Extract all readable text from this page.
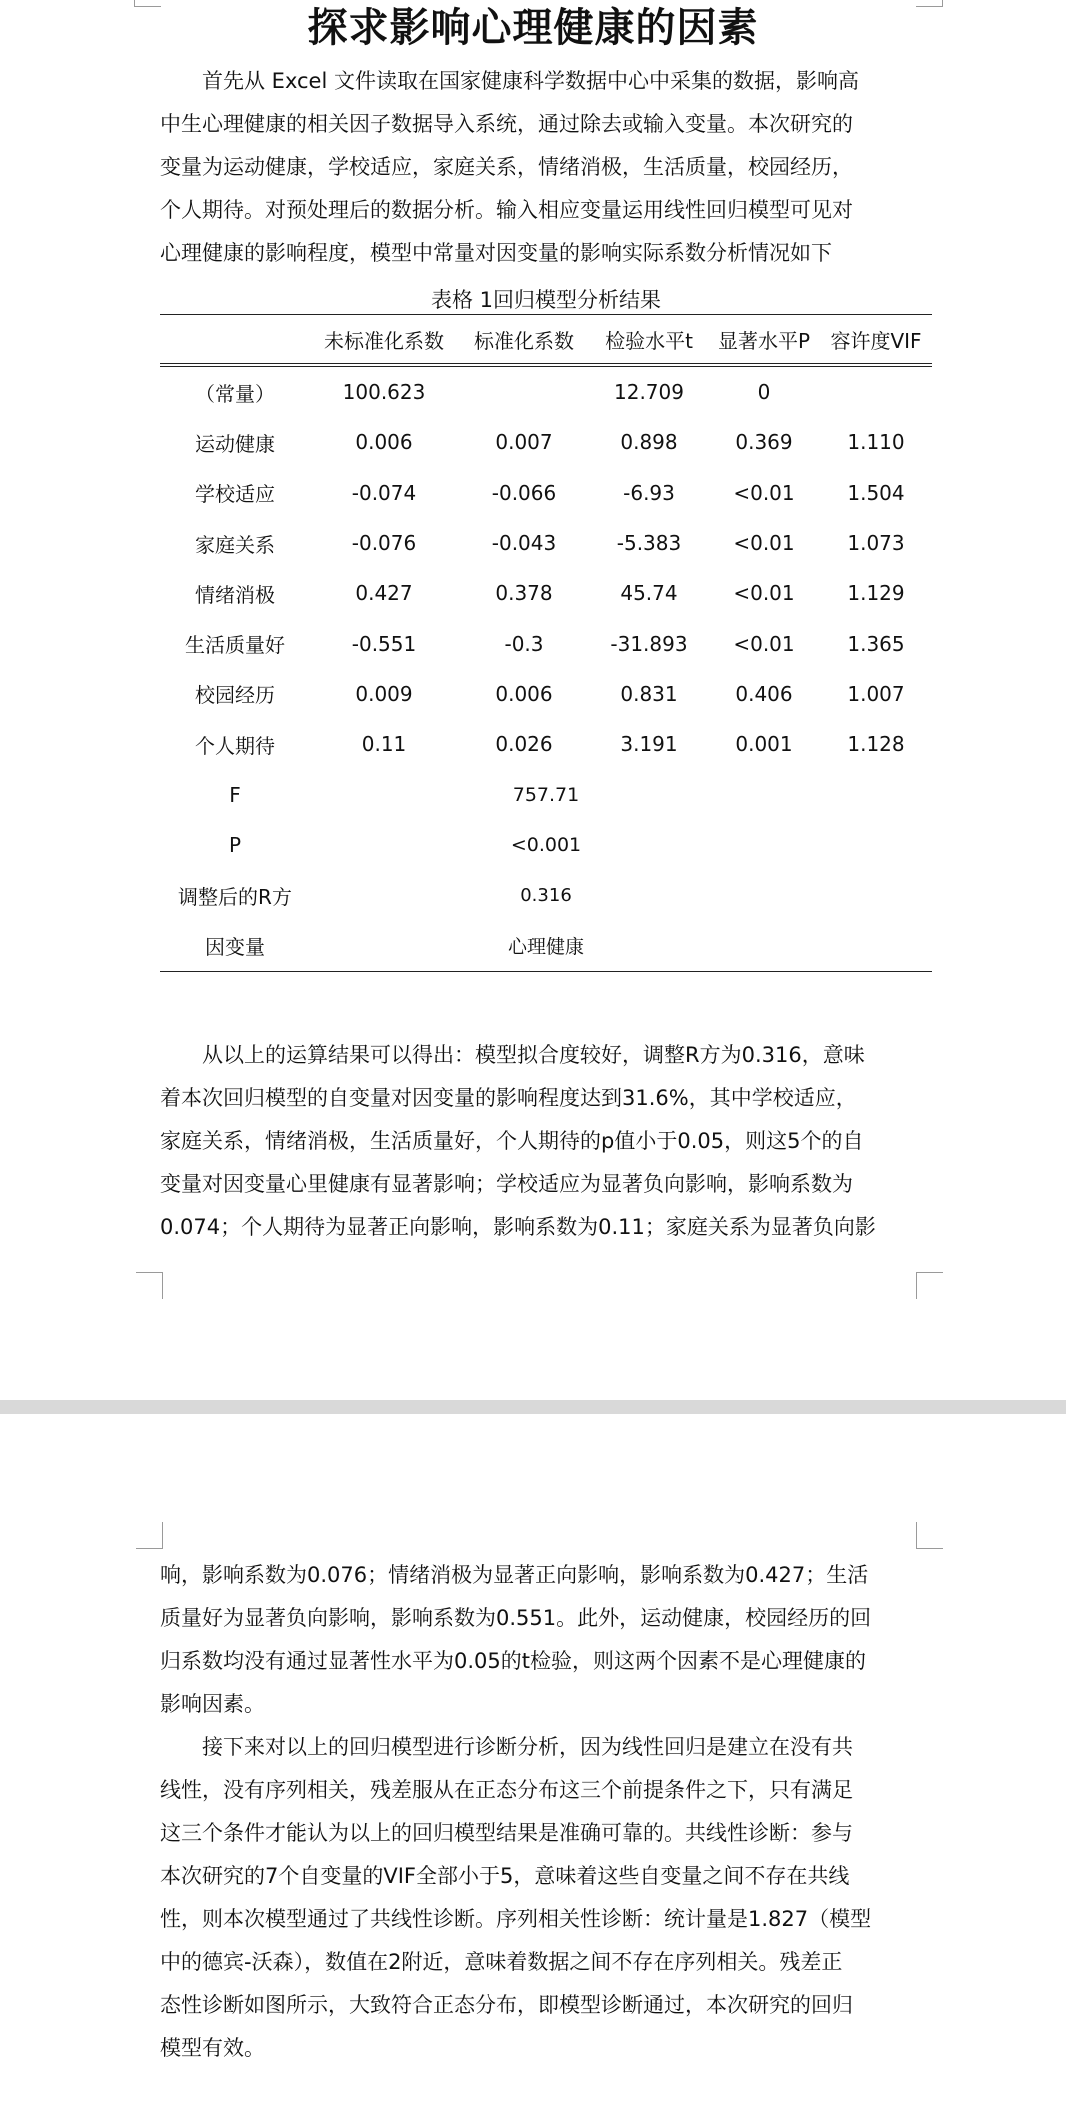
探求影响心理健康的因素

首先从 Excel 文件读取在国家健康科学数据中心中采集的数据，影响高

中生心理健康的相关因子数据导入系统，通过除去或输入变量。本次研究的

变量为运动健康，学校适应，家庭关系，情绪消极，生活质量，校园经历，

个人期待。对预处理后的数据分析。输入相应变量运用线性回归模型可见对

心理健康的影响程度，模型中常量对因变量的影响实际系数分析情况如下

表格 1回归模型分析结果
	未标准化系数	标准化系数	检验水平t	显著水平P	容许度VIF
（常量）	100.623		12.709	0	
运动健康	0.006	0.007	0.898	0.369	1.110
学校适应	-0.074	-0.066	-6.93	<0.01	1.504
家庭关系	-0.076	-0.043	-5.383	<0.01	1.073
情绪消极	0.427	0.378	45.74	<0.01	1.129
生活质量好	-0.551	-0.3	-31.893	<0.01	1.365
校园经历	0.009	0.006	0.831	0.406	1.007
个人期待	0.11	0.026	3.191	0.001	1.128
F	757.71				
P	<0.001				
调整后的R方	0.316				
因变量	心理健康				

从以上的运算结果可以得出：模型拟合度较好，调整R方为0.316，意味

着本次回归模型的自变量对因变量的影响程度达到31.6%，其中学校适应，

家庭关系，情绪消极，生活质量好，个人期待的p值小于0.05，则这5个的自

变量对因变量心里健康有显著影响；学校适应为显著负向影响，影响系数为

0.074；个人期待为显著正向影响，影响系数为0.11；家庭关系为显著负向影

响，影响系数为0.076；情绪消极为显著正向影响，影响系数为0.427；生活

质量好为显著负向影响，影响系数为0.551。此外，运动健康，校园经历的回

归系数均没有通过显著性水平为0.05的t检验，则这两个因素不是心理健康的

影响因素。

接下来对以上的回归模型进行诊断分析，因为线性回归是建立在没有共

线性，没有序列相关，残差服从在正态分布这三个前提条件之下，只有满足

这三个条件才能认为以上的回归模型结果是准确可靠的。共线性诊断：参与

本次研究的7个自变量的VIF全部小于5，意味着这些自变量之间不存在共线

性，则本次模型通过了共线性诊断。序列相关性诊断：统计量是1.827（模型

中的德宾-沃森），数值在2附近，意味着数据之间不存在序列相关。残差正

态性诊断如图所示，大致符合正态分布，即模型诊断通过，本次研究的回归

模型有效。
